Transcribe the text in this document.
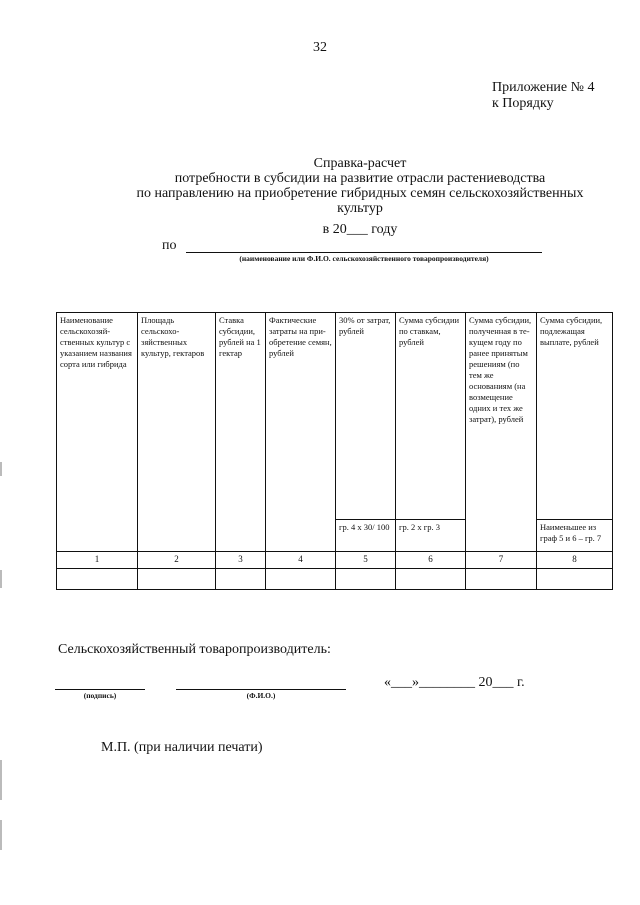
32
Приложение № 4
к Порядку
Справка-расчет
потребности в субсидии на развитие отрасли растениеводства
по направлению на приобретение гибридных семян сельскохозяйственных
культур
в 20___ году
по
(наименование или Ф.И.О. сельскохозяйственного товаропроизводителя)
Наименование сельскохозяйственных культур с указанием названия сорта или гибрида	Площадь сельскохозяйственных культур, гектаров	Ставка субсидии, рублей на 1 гектар	Фактические затраты на приобретение семян, рублей	30% от затрат, рублей	Сумма субсидии по ставкам, рублей	Сумма субсидии, полученная в текущем году по ранее принятым решениям (по тем же основаниям (на возмещение одних и тех же затрат), рублей	Сумма субсидии, подлежащая выплате, рублей
				гр. 4 х 30/ 100	гр. 2 х гр. 3		Наименьшее из граф 5 и 6 – гр. 7
1	2	3	4	5	6	7	8

Сельскохозяйственный товаропроизводитель:
(подпись)	(Ф.И.О.)
«___»________ 20___ г.
М.П. (при наличии печати)
